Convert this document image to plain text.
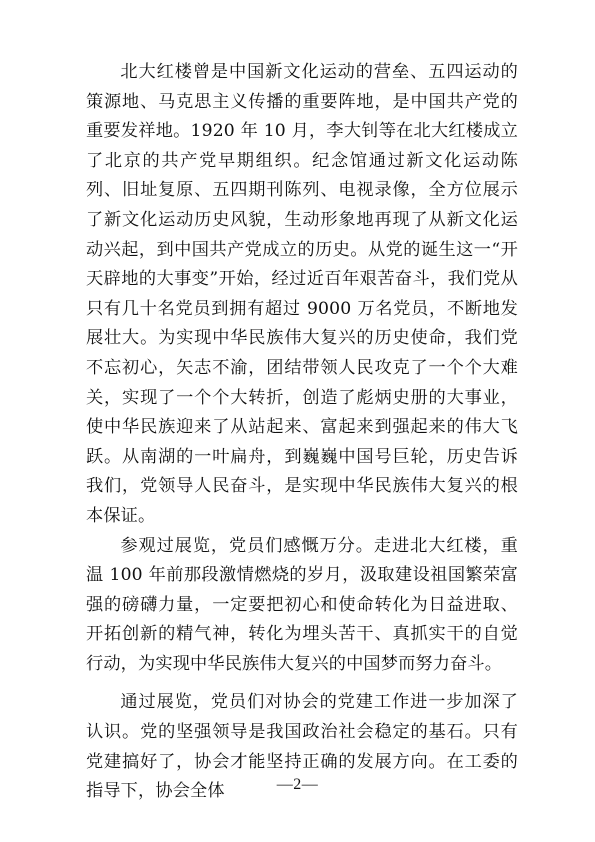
北大红楼曾是中国新文化运动的营垒、五四运动的策源地、马克思主义传播的重要阵地，是中国共产党的重要发祥地。1920 年 10 月，李大钊等在北大红楼成立了北京的共产党早期组织。纪念馆通过新文化运动陈列、旧址复原、五四期刊陈列、电视录像，全方位展示了新文化运动历史风貌，生动形象地再现了从新文化运动兴起，到中国共产党成立的历史。从党的诞生这一“开天辟地的大事变”开始，经过近百年艰苦奋斗，我们党从只有几十名党员到拥有超过 9000 万名党员，不断地发展壮大。为实现中华民族伟大复兴的历史使命，我们党不忘初心，矢志不渝，团结带领人民攻克了一个个大难关，实现了一个个大转折，创造了彪炳史册的大事业，使中华民族迎来了从站起来、富起来到强起来的伟大飞跃。从南湖的一叶扁舟，到巍巍中国号巨轮，历史告诉我们，党领导人民奋斗，是实现中华民族伟大复兴的根本保证。

参观过展览，党员们感慨万分。走进北大红楼，重温 100 年前那段激情燃烧的岁月，汲取建设祖国繁荣富强的磅礴力量，一定要把初心和使命转化为日益进取、开拓创新的精气神，转化为埋头苦干、真抓实干的自觉行动，为实现中华民族伟大复兴的中国梦而努力奋斗。

通过展览，党员们对协会的党建工作进一步加深了认识。党的坚强领导是我国政治社会稳定的基石。只有党建搞好了，协会才能坚持正确的发展方向。在工委的指导下，协会全体	—2—
